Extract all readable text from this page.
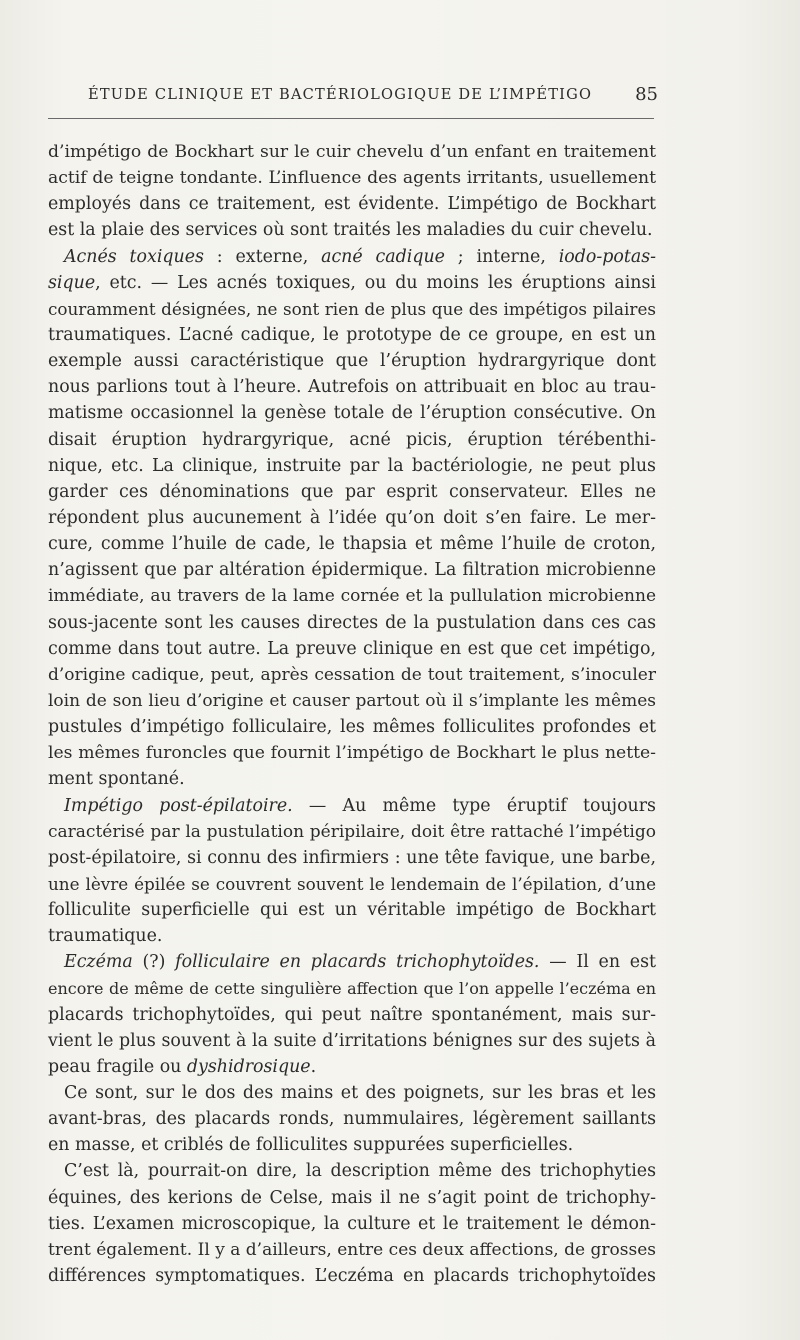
ÉTUDE CLINIQUE ET BACTÉRIOLOGIQUE DE L’IMPÉTIGO	85
d’impétigo de Bockhart sur le cuir chevelu d’un enfant en traitement
actif de teigne tondante. L’influence des agents irritants, usuellement
employés dans ce traitement, est évidente. L’impétigo de Bockhart
est la plaie des services où sont traités les maladies du cuir chevelu.
Acnés toxiques : externe, acné cadique ; interne, iodo-potas-
sique, etc. — Les acnés toxiques, ou du moins les éruptions ainsi
couramment désignées, ne sont rien de plus que des impétigos pilaires
traumatiques. L’acné cadique, le prototype de ce groupe, en est un
exemple aussi caractéristique que l’éruption hydrargyrique dont
nous parlions tout à l’heure. Autrefois on attribuait en bloc au trau-
matisme occasionnel la genèse totale de l’éruption consécutive. On
disait éruption hydrargyrique, acné picis, éruption térébenthi-
nique, etc. La clinique, instruite par la bactériologie, ne peut plus
garder ces dénominations que par esprit conservateur. Elles ne
répondent plus aucunement à l’idée qu’on doit s’en faire. Le mer-
cure, comme l’huile de cade, le thapsia et même l’huile de croton,
n’agissent que par altération épidermique. La filtration microbienne
immédiate, au travers de la lame cornée et la pullulation microbienne
sous-jacente sont les causes directes de la pustulation dans ces cas
comme dans tout autre. La preuve clinique en est que cet impétigo,
d’origine cadique, peut, après cessation de tout traitement, s’inoculer
loin de son lieu d’origine et causer partout où il s’implante les mêmes
pustules d’impétigo folliculaire, les mêmes folliculites profondes et
les mêmes furoncles que fournit l’impétigo de Bockhart le plus nette-
ment spontané.
Impétigo post-épilatoire. — Au même type éruptif toujours
caractérisé par la pustulation péripilaire, doit être rattaché l’impétigo
post-épilatoire, si connu des infirmiers : une tête favique, une barbe,
une lèvre épilée se couvrent souvent le lendemain de l’épilation, d’une
folliculite superficielle qui est un véritable impétigo de Bockhart
traumatique.
Eczéma (?) folliculaire en placards trichophytoïdes. — Il en est
encore de même de cette singulière affection que l’on appelle l’eczéma en
placards trichophytoïdes, qui peut naître spontanément, mais sur-
vient le plus souvent à la suite d’irritations bénignes sur des sujets à
peau fragile ou dyshidrosique.
Ce sont, sur le dos des mains et des poignets, sur les bras et les
avant-bras, des placards ronds, nummulaires, légèrement saillants
en masse, et criblés de folliculites suppurées superficielles.
C’est là, pourrait-on dire, la description même des trichophyties
équines, des kerions de Celse, mais il ne s’agit point de trichophy-
ties. L’examen microscopique, la culture et le traitement le démon-
trent également. Il y a d’ailleurs, entre ces deux affections, de grosses
différences symptomatiques. L’eczéma en placards trichophytoïdes
